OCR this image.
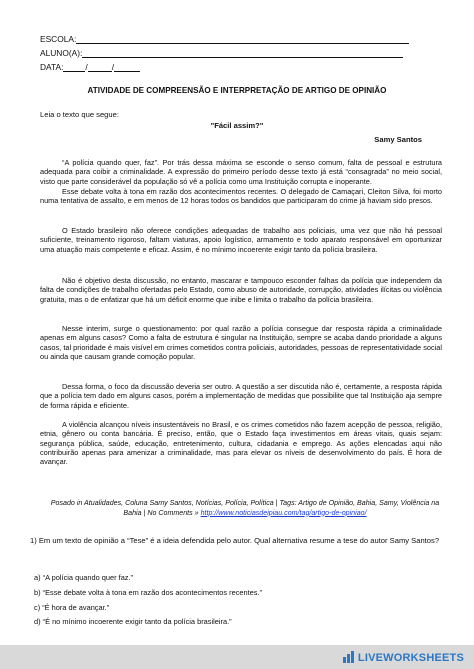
ESCOLA:
ALUNO(A):
DATA:	/	/
ATIVIDADE DE COMPREENSÃO E INTERPRETAÇÃO DE ARTIGO DE OPINIÃO
Leia o texto que segue:
"Fácil assim?"
Samy Santos

“A polícia quando quer, faz”. Por trás dessa máxima se esconde o senso comum, falta de pessoal e estrutura adequada para coibir a criminalidade. A expressão do primeiro período desse texto já está “consagrada” no meio social, visto que parte considerável da população só vê a polícia como uma Instituição corrupta e inoperante.

Esse debate volta à tona em razão dos acontecimentos recentes. O delegado de Camaçari, Cleiton Silva, foi morto numa tentativa de assalto, e em menos de 12 horas todos os bandidos que participaram do crime já haviam sido presos.

O Estado brasileiro não oferece condições adequadas de trabalho aos policiais, uma vez que não há pessoal suficiente, treinamento rigoroso, faltam viaturas, apoio logístico, armamento e todo aparato responsável em oportunizar uma atuação mais competente e eficaz. Assim, é no mínimo incoerente exigir tanto da polícia brasileira.

Não é objetivo desta discussão, no entanto, mascarar e tampouco esconder falhas da polícia que independem da falta de condições de trabalho ofertadas pelo Estado, como abuso de autoridade, corrupção, atividades ilícitas ou violência gratuita, mas o de enfatizar que há um déficit enorme que inibe e limita o trabalho da polícia brasileira.

Nesse interim, surge o questionamento: por qual razão a polícia consegue dar resposta rápida a criminalidade apenas em alguns casos? Como a falta de estrutura é singular na Instituição, sempre se acaba dando prioridade a alguns casos, tal prioridade é mais visível em crimes cometidos contra policiais, autoridades, pessoas de representatividade social ou ainda que causam grande comoção popular.

Dessa forma, o foco da discussão deveria ser outro. A questão a ser discutida não é, certamente, a resposta rápida que a polícia tem dado em alguns casos, porém a implementação de medidas que possibilite que tal Instituição aja sempre de forma rápida e eficiente.

A violência alcançou níveis insustentáveis no Brasil, e os crimes cometidos não fazem acepção de pessoa, religião, etnia, gênero ou conta bancária. É preciso, então, que o Estado faça investimentos em áreas vitais, quais sejam: segurança pública, saúde, educação, entretenimento, cultura, cidadania e emprego. As ações elencadas aqui não contribuirão apenas para amenizar a criminalidade, mas para elevar os níveis de desenvolvimento do país. É hora de avançar.

Posado in Atualidades, Coluna Samy Santos, Notícias, Polícia, Política | Tags: Artigo de Opinião, Bahia, Samy, Violência na Bahia | No Comments » http://www.noticiasdeipiau.com/tag/artigo-de-opiniao/
1) Em um texto de opinião a “Tese” é a ideia defendida pelo autor. Qual alternativa resume a tese do autor Samy Santos?
a) “A polícia quando quer faz.”
b) “Esse debate volta à tona em razão dos acontecimentos recentes.”
c) “É hora de avançar.”
d) “É no mínimo incoerente exigir tanto da polícia brasileira.”
LIVEWORKSHEETS
